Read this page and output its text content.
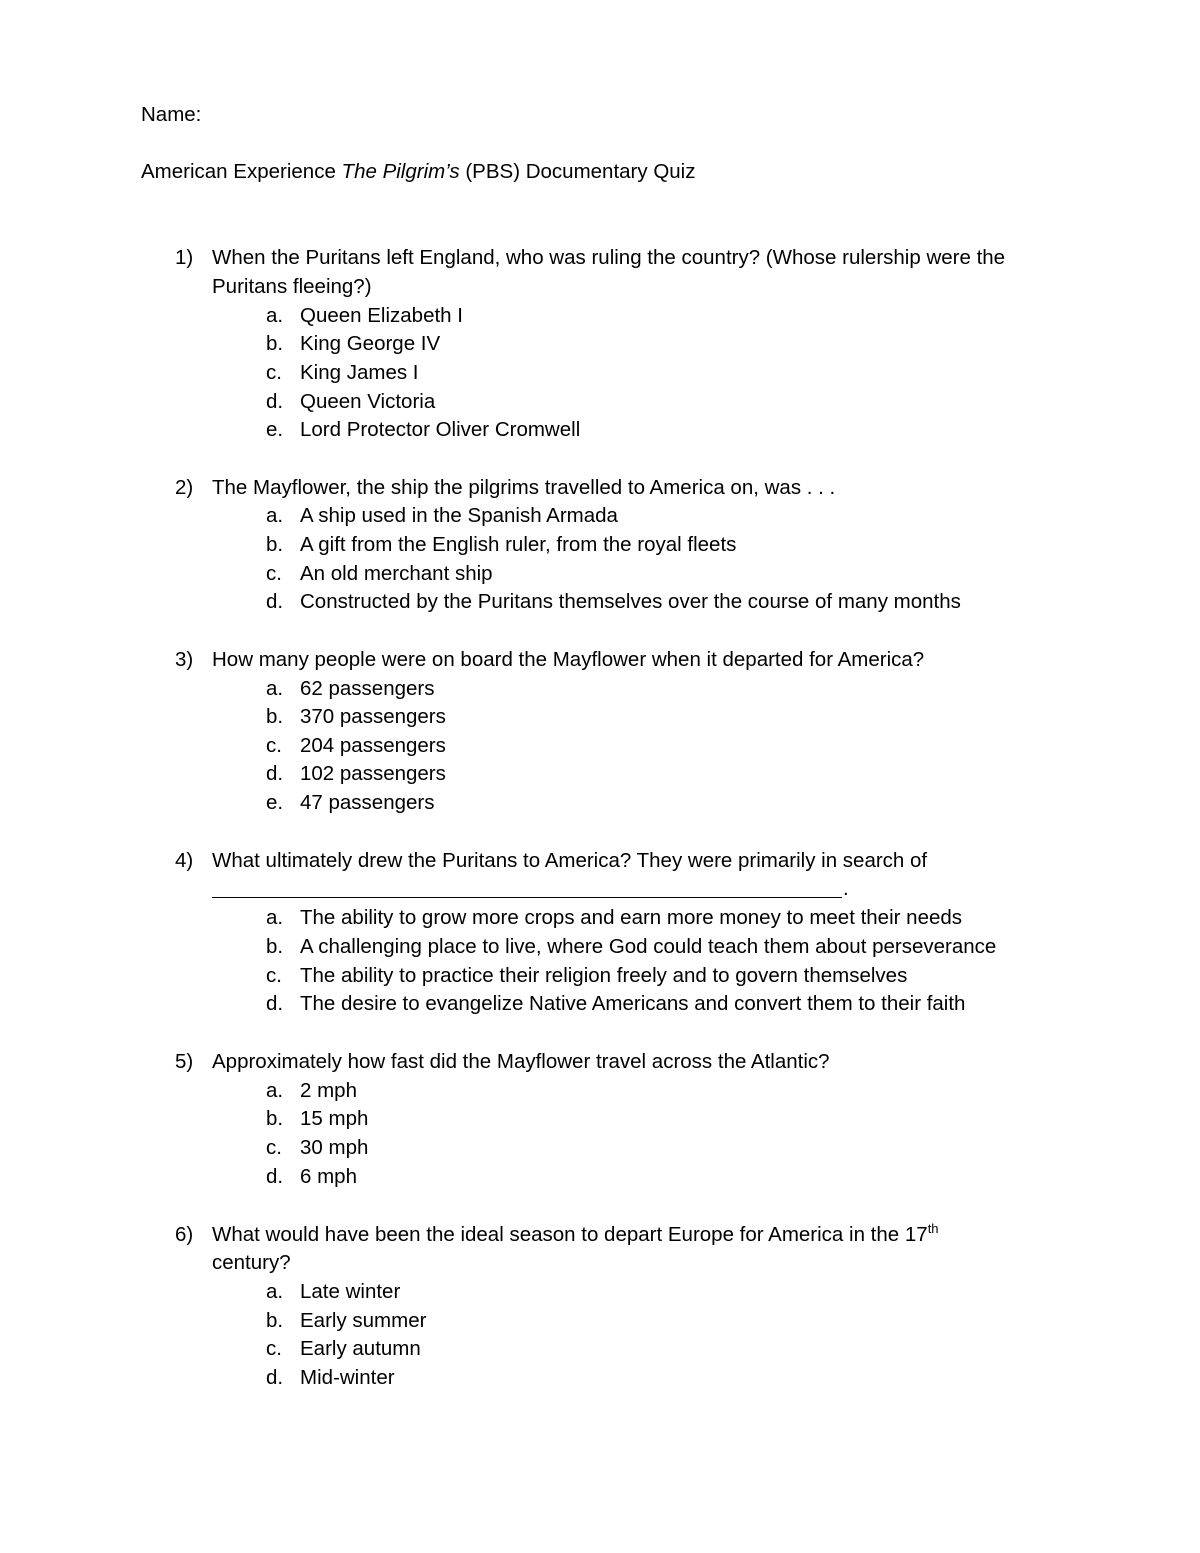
Name:
American Experience The Pilgrim’s (PBS) Documentary Quiz
1) When the Puritans left England, who was ruling the country? (Whose rulership were the
Puritans fleeing?)
a. Queen Elizabeth I
b. King George IV
c. King James I
d. Queen Victoria
e. Lord Protector Oliver Cromwell
2) The Mayflower, the ship the pilgrims travelled to America on, was . . .
a. A ship used in the Spanish Armada
b. A gift from the English ruler, from the royal fleets
c. An old merchant ship
d. Constructed by the Puritans themselves over the course of many months
3) How many people were on board the Mayflower when it departed for America?
a. 62 passengers
b. 370 passengers
c. 204 passengers
d. 102 passengers
e. 47 passengers
4) What ultimately drew the Puritans to America? They were primarily in search of
.
a. The ability to grow more crops and earn more money to meet their needs
b. A challenging place to live, where God could teach them about perseverance
c. The ability to practice their religion freely and to govern themselves
d. The desire to evangelize Native Americans and convert them to their faith
5) Approximately how fast did the Mayflower travel across the Atlantic?
a. 2 mph
b. 15 mph
c. 30 mph
d. 6 mph
6) What would have been the ideal season to depart Europe for America in the 17th
century?
a. Late winter
b. Early summer
c. Early autumn
d. Mid-winter
